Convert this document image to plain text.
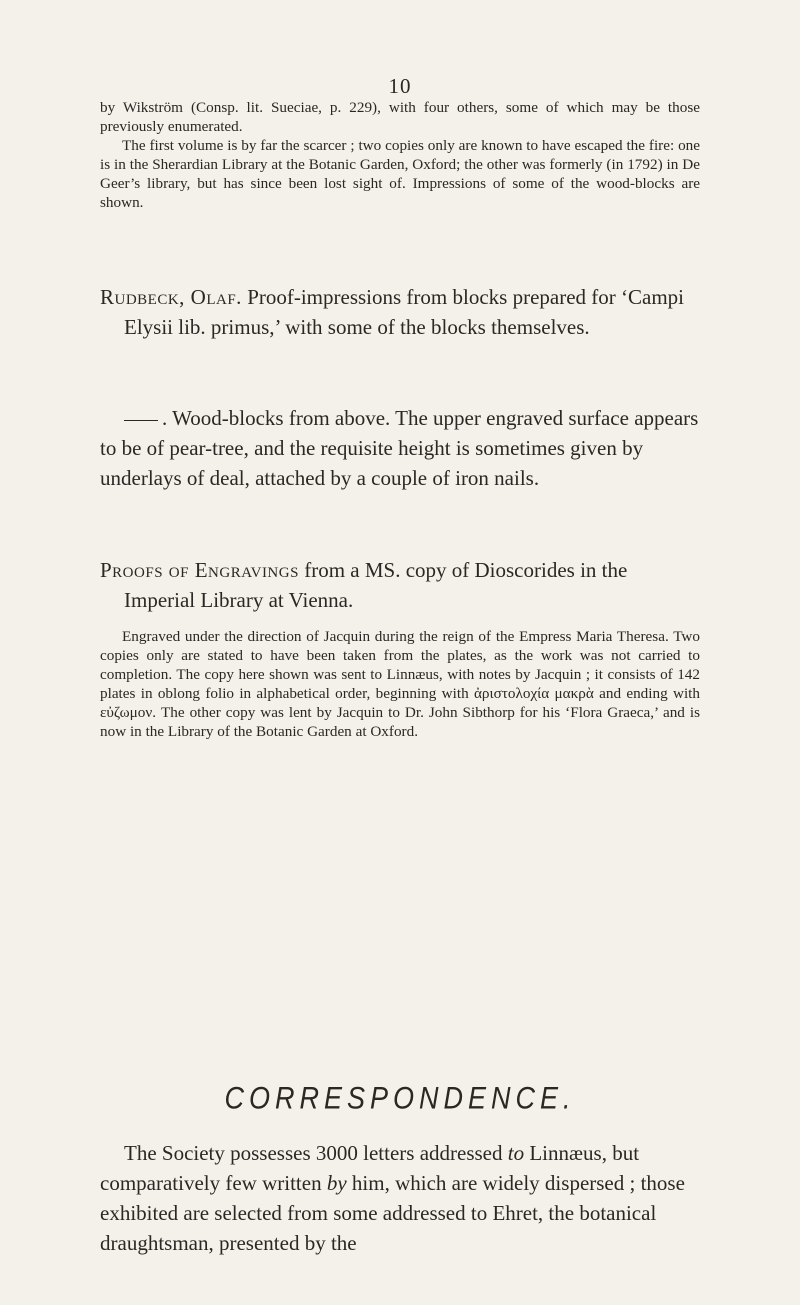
10

by Wikström (Consp. lit. Sueciae, p. 229), with four others, some of which may be those previously enumerated.

The first volume is by far the scarcer ; two copies only are known to have escaped the fire: one is in the Sherardian Library at the Botanic Garden, Oxford; the other was formerly (in 1792) in De Geer’s library, but has since been lost sight of. Impressions of some of the wood-blocks are shown.

Rudbeck, Olaf. Proof-impressions from blocks prepared for ‘Campi Elysii lib. primus,’ with some of the blocks themselves.

. Wood-blocks from above. The upper engraved surface appears to be of pear-tree, and the requisite height is sometimes given by underlays of deal, attached by a couple of iron nails.

Proofs of Engravings from a MS. copy of Dioscorides in the Imperial Library at Vienna.

Engraved under the direction of Jacquin during the reign of the Empress Maria Theresa. Two copies only are stated to have been taken from the plates, as the work was not carried to completion. The copy here shown was sent to Linnæus, with notes by Jacquin ; it consists of 142 plates in oblong folio in alphabetical order, beginning with ἀριστολοχία μακρὰ and ending with εὐζωμον. The other copy was lent by Jacquin to Dr. John Sibthorp for his ‘Flora Graeca,’ and is now in the Library of the Botanic Garden at Oxford.

CORRESPONDENCE.

The Society possesses 3000 letters addressed to Linnæus, but comparatively few written by him, which are widely dispersed ; those exhibited are selected from some addressed to Ehret, the botanical draughtsman, presented by the
